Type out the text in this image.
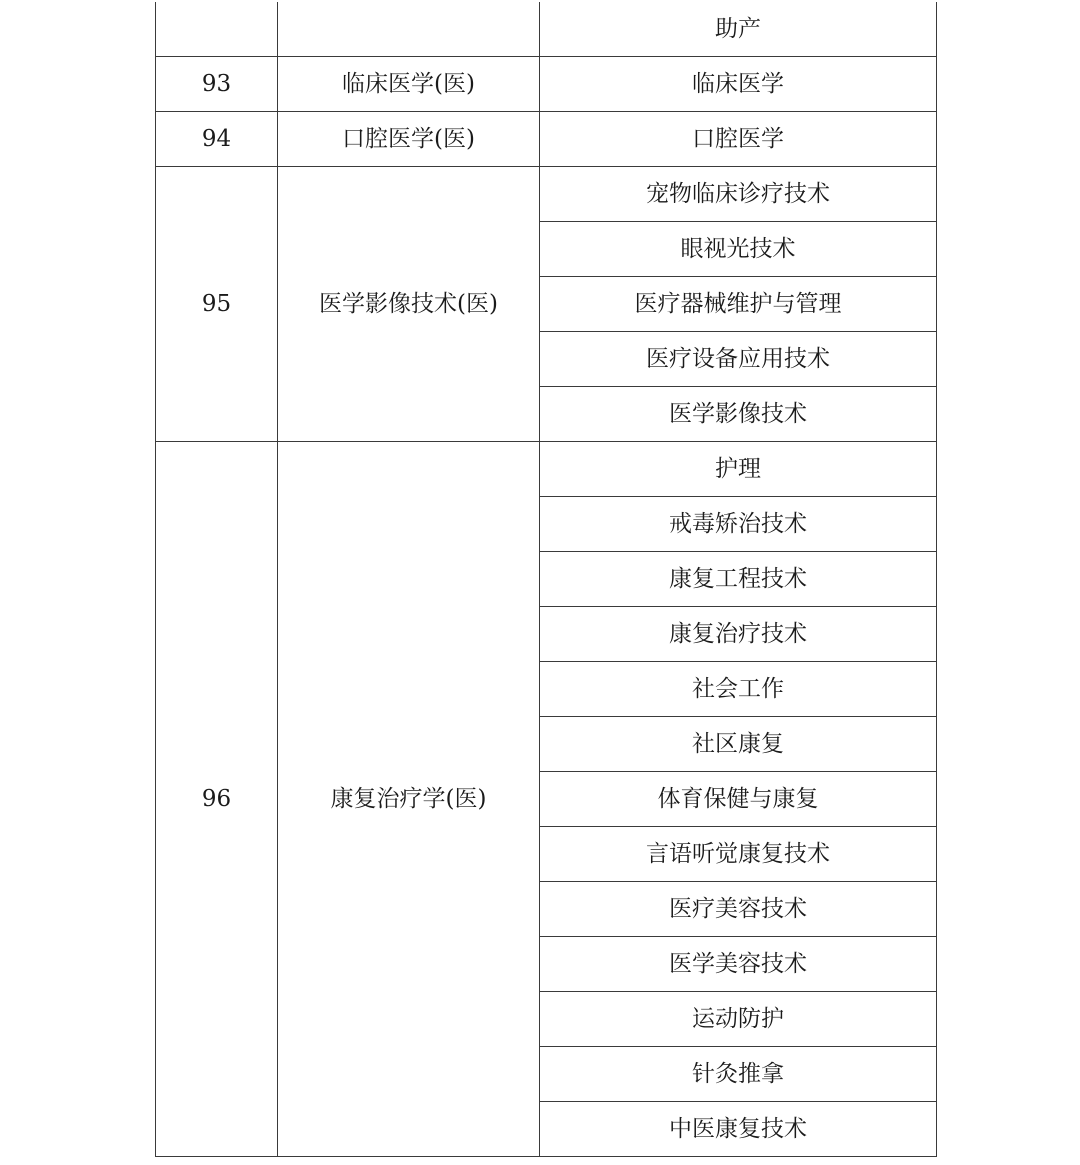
		助产
93	临床医学(医)	临床医学
94	口腔医学(医)	口腔医学
95	医学影像技术(医)	宠物临床诊疗技术
		眼视光技术
		医疗器械维护与管理
		医疗设备应用技术
		医学影像技术
96	康复治疗学(医)	护理
		戒毒矫治技术
		康复工程技术
		康复治疗技术
		社会工作
		社区康复
		体育保健与康复
		言语听觉康复技术
		医疗美容技术
		医学美容技术
		运动防护
		针灸推拿
		中医康复技术
